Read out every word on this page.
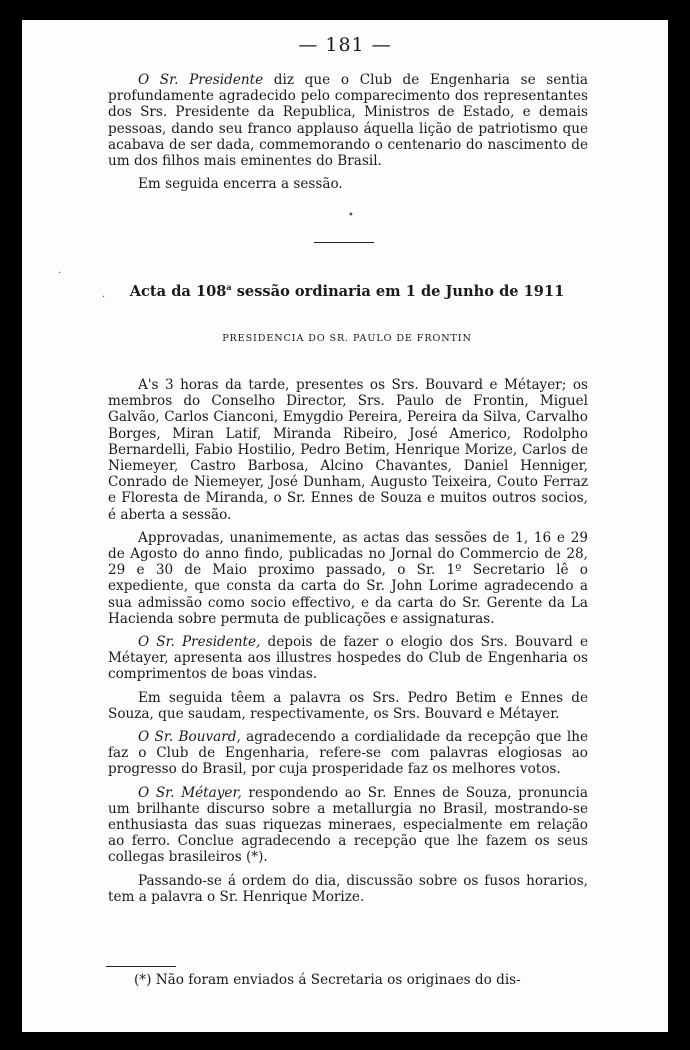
— 181 —

O Sr. Presidente diz que o Club de Engenharia se sentia profundamente agradecido pelo comparecimento dos representantes dos Srs. Presidente da Republica, Ministros de Estado, e demais pessoas, dando seu franco applauso áquella lição de patriotismo que acabava de ser dada, commemorando o centenario do nascimento de um dos filhos mais eminentes do Brasil.

Em seguida encerra a sessão.

•
·
·	Acta da 108$^a$ sessão ordinaria em 1 de Junho de 1911
PRESIDENCIA DO SR. PAULO DE FRONTIN

A's 3 horas da tarde, presentes os Srs. Bouvard e Métayer; os membros do Conselho Director, Srs. Paulo de Frontin, Miguel Galvão, Carlos Cianconi, Emygdio Pereira, Pereira da Silva, Carvalho Borges, Miran Latif, Miranda Ribeiro, José Americo, Rodolpho Bernardelli, Fabio Hostilio, Pedro Betim, Henrique Morize, Carlos de Niemeyer, Castro Barbosa, Alcino Chavantes, Daniel Henniger, Conrado de Niemeyer, José Dunham, Augusto Teixeira, Couto Ferraz e Floresta de Miranda, o Sr. Ennes de Souza e muitos outros socios, é aberta a sessão.

Approvadas, unanimemente, as actas das sessões de 1, 16 e 29 de Agosto do anno findo, publicadas no Jornal do Commercio de 28, 29 e 30 de Maio proximo passado, o Sr. 1º Secretario lê o expediente, que consta da carta do Sr. John Lorime agradecendo a sua admissão como socio effectivo, e da carta do Sr. Gerente da La Hacienda sobre permuta de publicações e assignaturas.

O Sr. Presidente, depois de fazer o elogio dos Srs. Bouvard e Métayer, apresenta aos illustres hospedes do Club de Engenharia os comprimentos de boas vindas.

Em seguida têem a palavra os Srs. Pedro Betim e Ennes de Souza, que saudam, respectivamente, os Srs. Bouvard e Métayer.

O Sr. Bouvard, agradecendo a cordialidade da recepção que lhe faz o Club de Engenharia, refere-se com palavras elogiosas ao progresso do Brasil, por cuja prosperidade faz os melhores votos.

O Sr. Métayer, respondendo ao Sr. Ennes de Souza, pronuncia um brilhante discurso sobre a metallurgia no Brasil, mostrando-se enthusiasta das suas riquezas mineraes, especialmente em relação ao ferro. Conclue agradecendo a recepção que lhe fazem os seus collegas brasileiros (*).

Passando-se á ordem do dia, discussão sobre os fusos horarios, tem a palavra o Sr. Henrique Morize.

(*) Não foram enviados á Secretaria os originaes do dis-
